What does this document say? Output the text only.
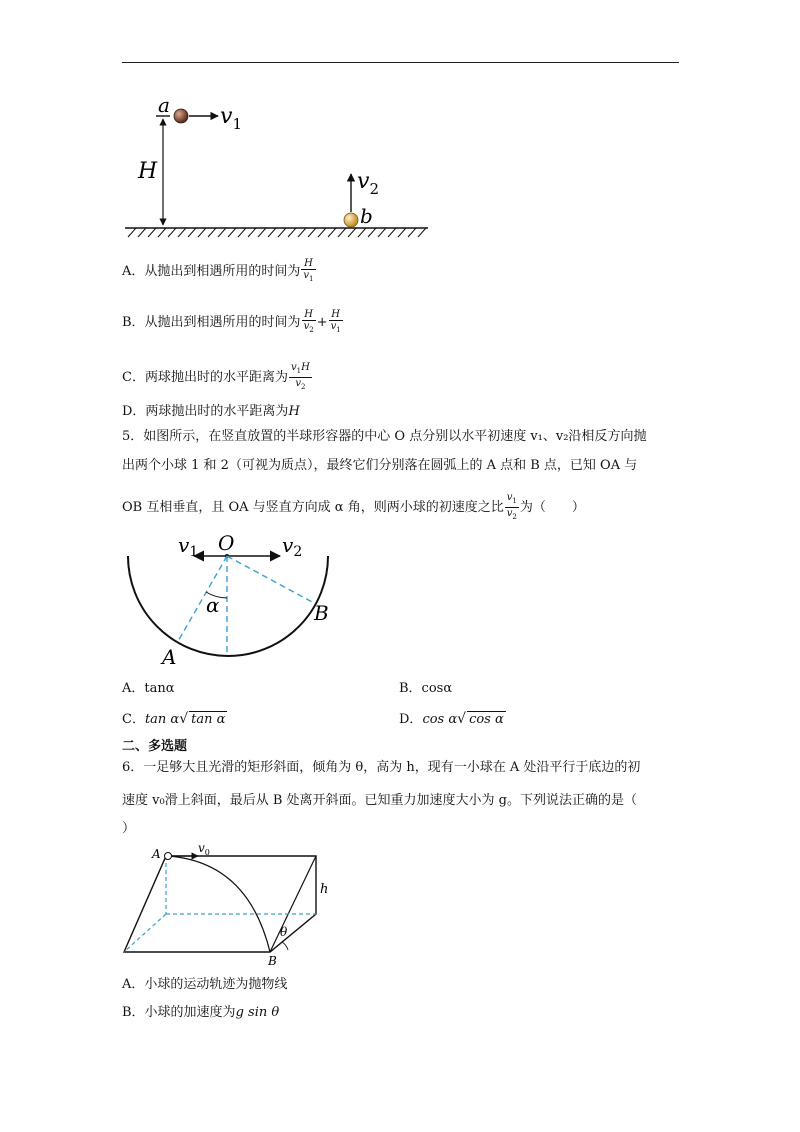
H
a $v_1$
$v_2$
b
A．从抛出到相遇所用的时间为 $\frac{H}{v_1}$
B．从抛出到相遇所用的时间为 $\frac{H}{v_2} + \frac{H}{v_1}$
C．两球抛出时的水平距离为 $\frac{v_1H}{v_2}$
D．两球抛出时的水平距离为H
5．如图所示，在竖直放置的半球形容器的中心 O 点分别以水平初速度 v₁、v₂沿相反方向抛
出两个小球 1 和 2（可视为质点），最终它们分别落在圆弧上的 A 点和 B 点，已知 OA 与
OB 互相垂直，且 OA 与竖直方向成 α 角，则两小球的初速度之比 $\frac{v_1}{v_2}$ 为（　　）
$v_1$ O $v_2$
α
A
B
A．tanα	B．cosα
C．tan α√ tan α	D．cos α√ cos α
二、多选题
6．一足够大且光滑的矩形斜面，倾角为 θ，高为 h，现有一小球在 A 处沿平行于底边的初
速度 v₀滑上斜面，最后从 B 处离开斜面。已知重力加速度大小为 g。下列说法正确的是（
）
A	$v_0$
h
θ
B
A．小球的运动轨迹为抛物线
B．小球的加速度为g sin θ
